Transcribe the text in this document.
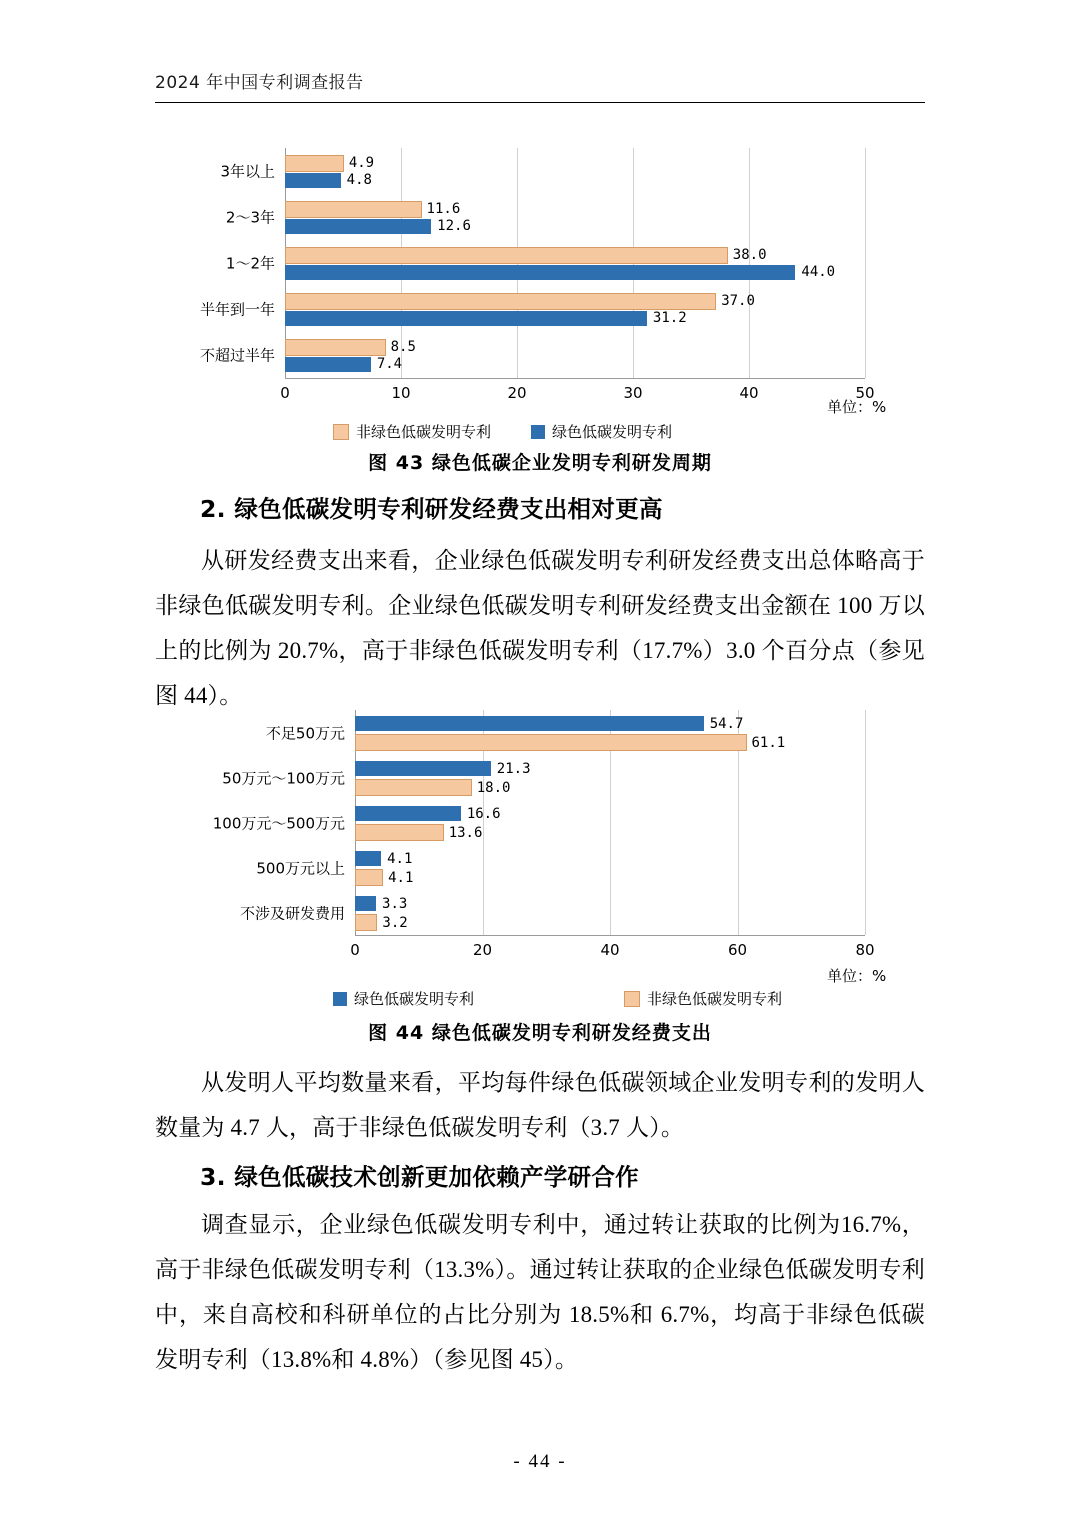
2024 年中国专利调查报告
0	10	20	30	40	50
3年以上	4.9
4.8
2～3年	11.6
12.6
1～2年	38.0
44.0
半年到一年	37.0
31.2
不超过半年	8.5
7.4
单位：%
非绿色低碳发明专利	绿色低碳发明专利
图 43 绿色低碳企业发明专利研发周期
2. 绿色低碳发明专利研发经费支出相对更高
从研发经费支出来看，企业绿色低碳发明专利研发经费支出总体略高于非绿色低碳发明专利。企业绿色低碳发明专利研发经费支出金额在 100 万以上的比例为 20.7%，高于非绿色低碳发明专利（17.7%）3.0 个百分点（参见图 44）。
0	20	40	60	80
不足50万元
54.7
61.1
50万元～100万元
21.3
18.0
100万元～500万元
16.6
13.6
500万元以上
4.1
4.1
不涉及研发费用
3.3
3.2
单位：%
绿色低碳发明专利	非绿色低碳发明专利
图 44 绿色低碳发明专利研发经费支出
从发明人平均数量来看，平均每件绿色低碳领域企业发明专利的发明人数量为 4.7 人，高于非绿色低碳发明专利（3.7 人）。
3. 绿色低碳技术创新更加依赖产学研合作
调查显示，企业绿色低碳发明专利中，通过转让获取的比例为16.7%，高于非绿色低碳发明专利（13.3%）。通过转让获取的企业绿色低碳发明专利中，来自高校和科研单位的占比分别为 18.5%和 6.7%，均高于非绿色低碳发明专利（13.8%和 4.8%）（参见图 45）。
- 44 -
